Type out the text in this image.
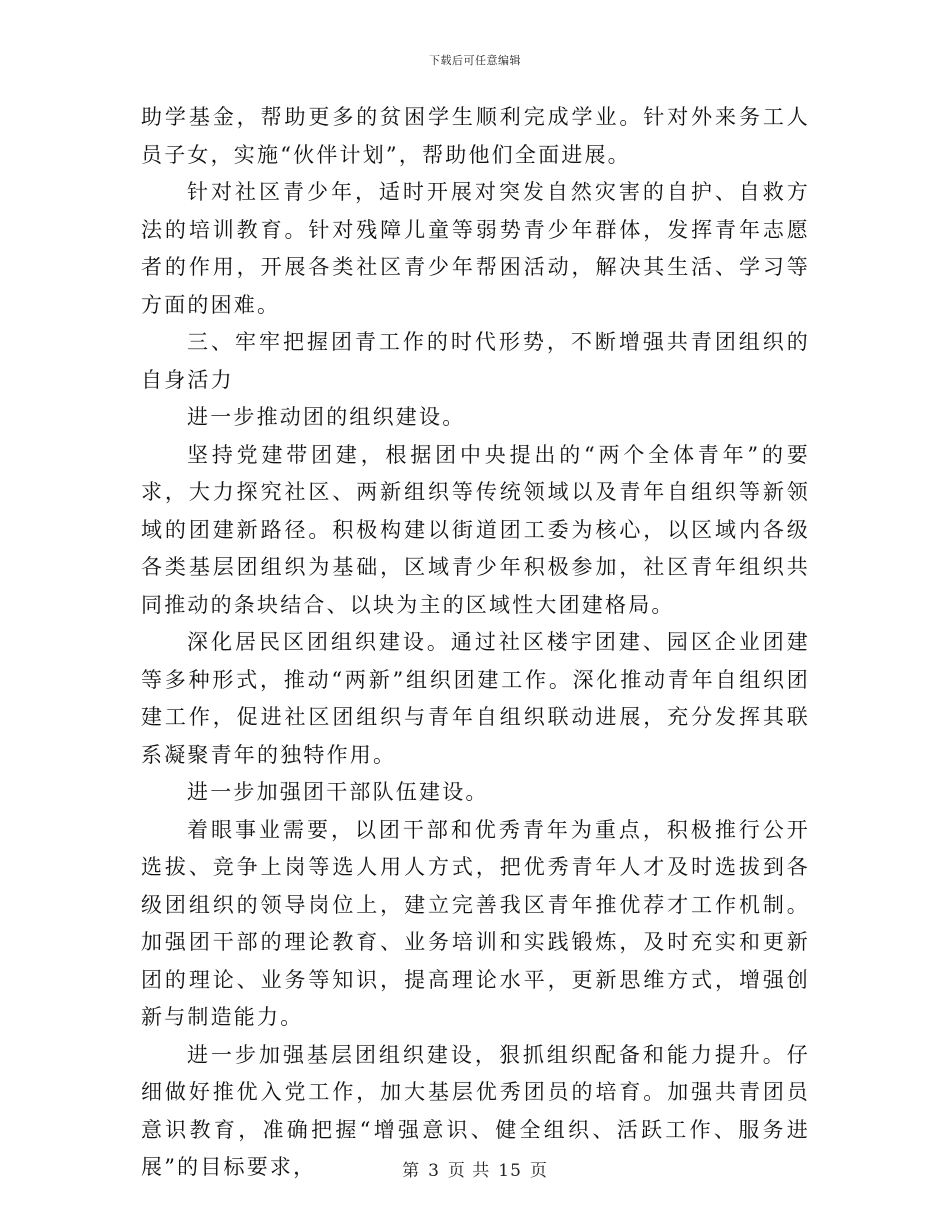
下载后可任意编辑

助学基金，帮助更多的贫困学生顺利完成学业。针对外来务工人员子女，实施“伙伴计划”，帮助他们全面进展。

针对社区青少年，适时开展对突发自然灾害的自护、自救方法的培训教育。针对残障儿童等弱势青少年群体，发挥青年志愿者的作用，开展各类社区青少年帮困活动，解决其生活、学习等方面的困难。

三、牢牢把握团青工作的时代形势，不断增强共青团组织的自身活力

进一步推动团的组织建设。

坚持党建带团建，根据团中央提出的“两个全体青年”的要求，大力探究社区、两新组织等传统领域以及青年自组织等新领域的团建新路径。积极构建以街道团工委为核心，以区域内各级各类基层团组织为基础，区域青少年积极参加，社区青年组织共同推动的条块结合、以块为主的区域性大团建格局。

深化居民区团组织建设。通过社区楼宇团建、园区企业团建等多种形式，推动“两新”组织团建工作。深化推动青年自组织团建工作，促进社区团组织与青年自组织联动进展，充分发挥其联系凝聚青年的独特作用。

进一步加强团干部队伍建设。

着眼事业需要，以团干部和优秀青年为重点，积极推行公开选拔、竞争上岗等选人用人方式，把优秀青年人才及时选拔到各级团组织的领导岗位上，建立完善我区青年推优荐才工作机制。加强团干部的理论教育、业务培训和实践锻炼，及时充实和更新团的理论、业务等知识，提高理论水平，更新思维方式，增强创新与制造能力。

进一步加强基层团组织建设，狠抓组织配备和能力提升。仔细做好推优入党工作，加大基层优秀团员的培育。加强共青团员意识教育，准确把握“增强意识、健全组织、活跃工作、服务进展”的目标要求，	第 3 页 共 15 页
